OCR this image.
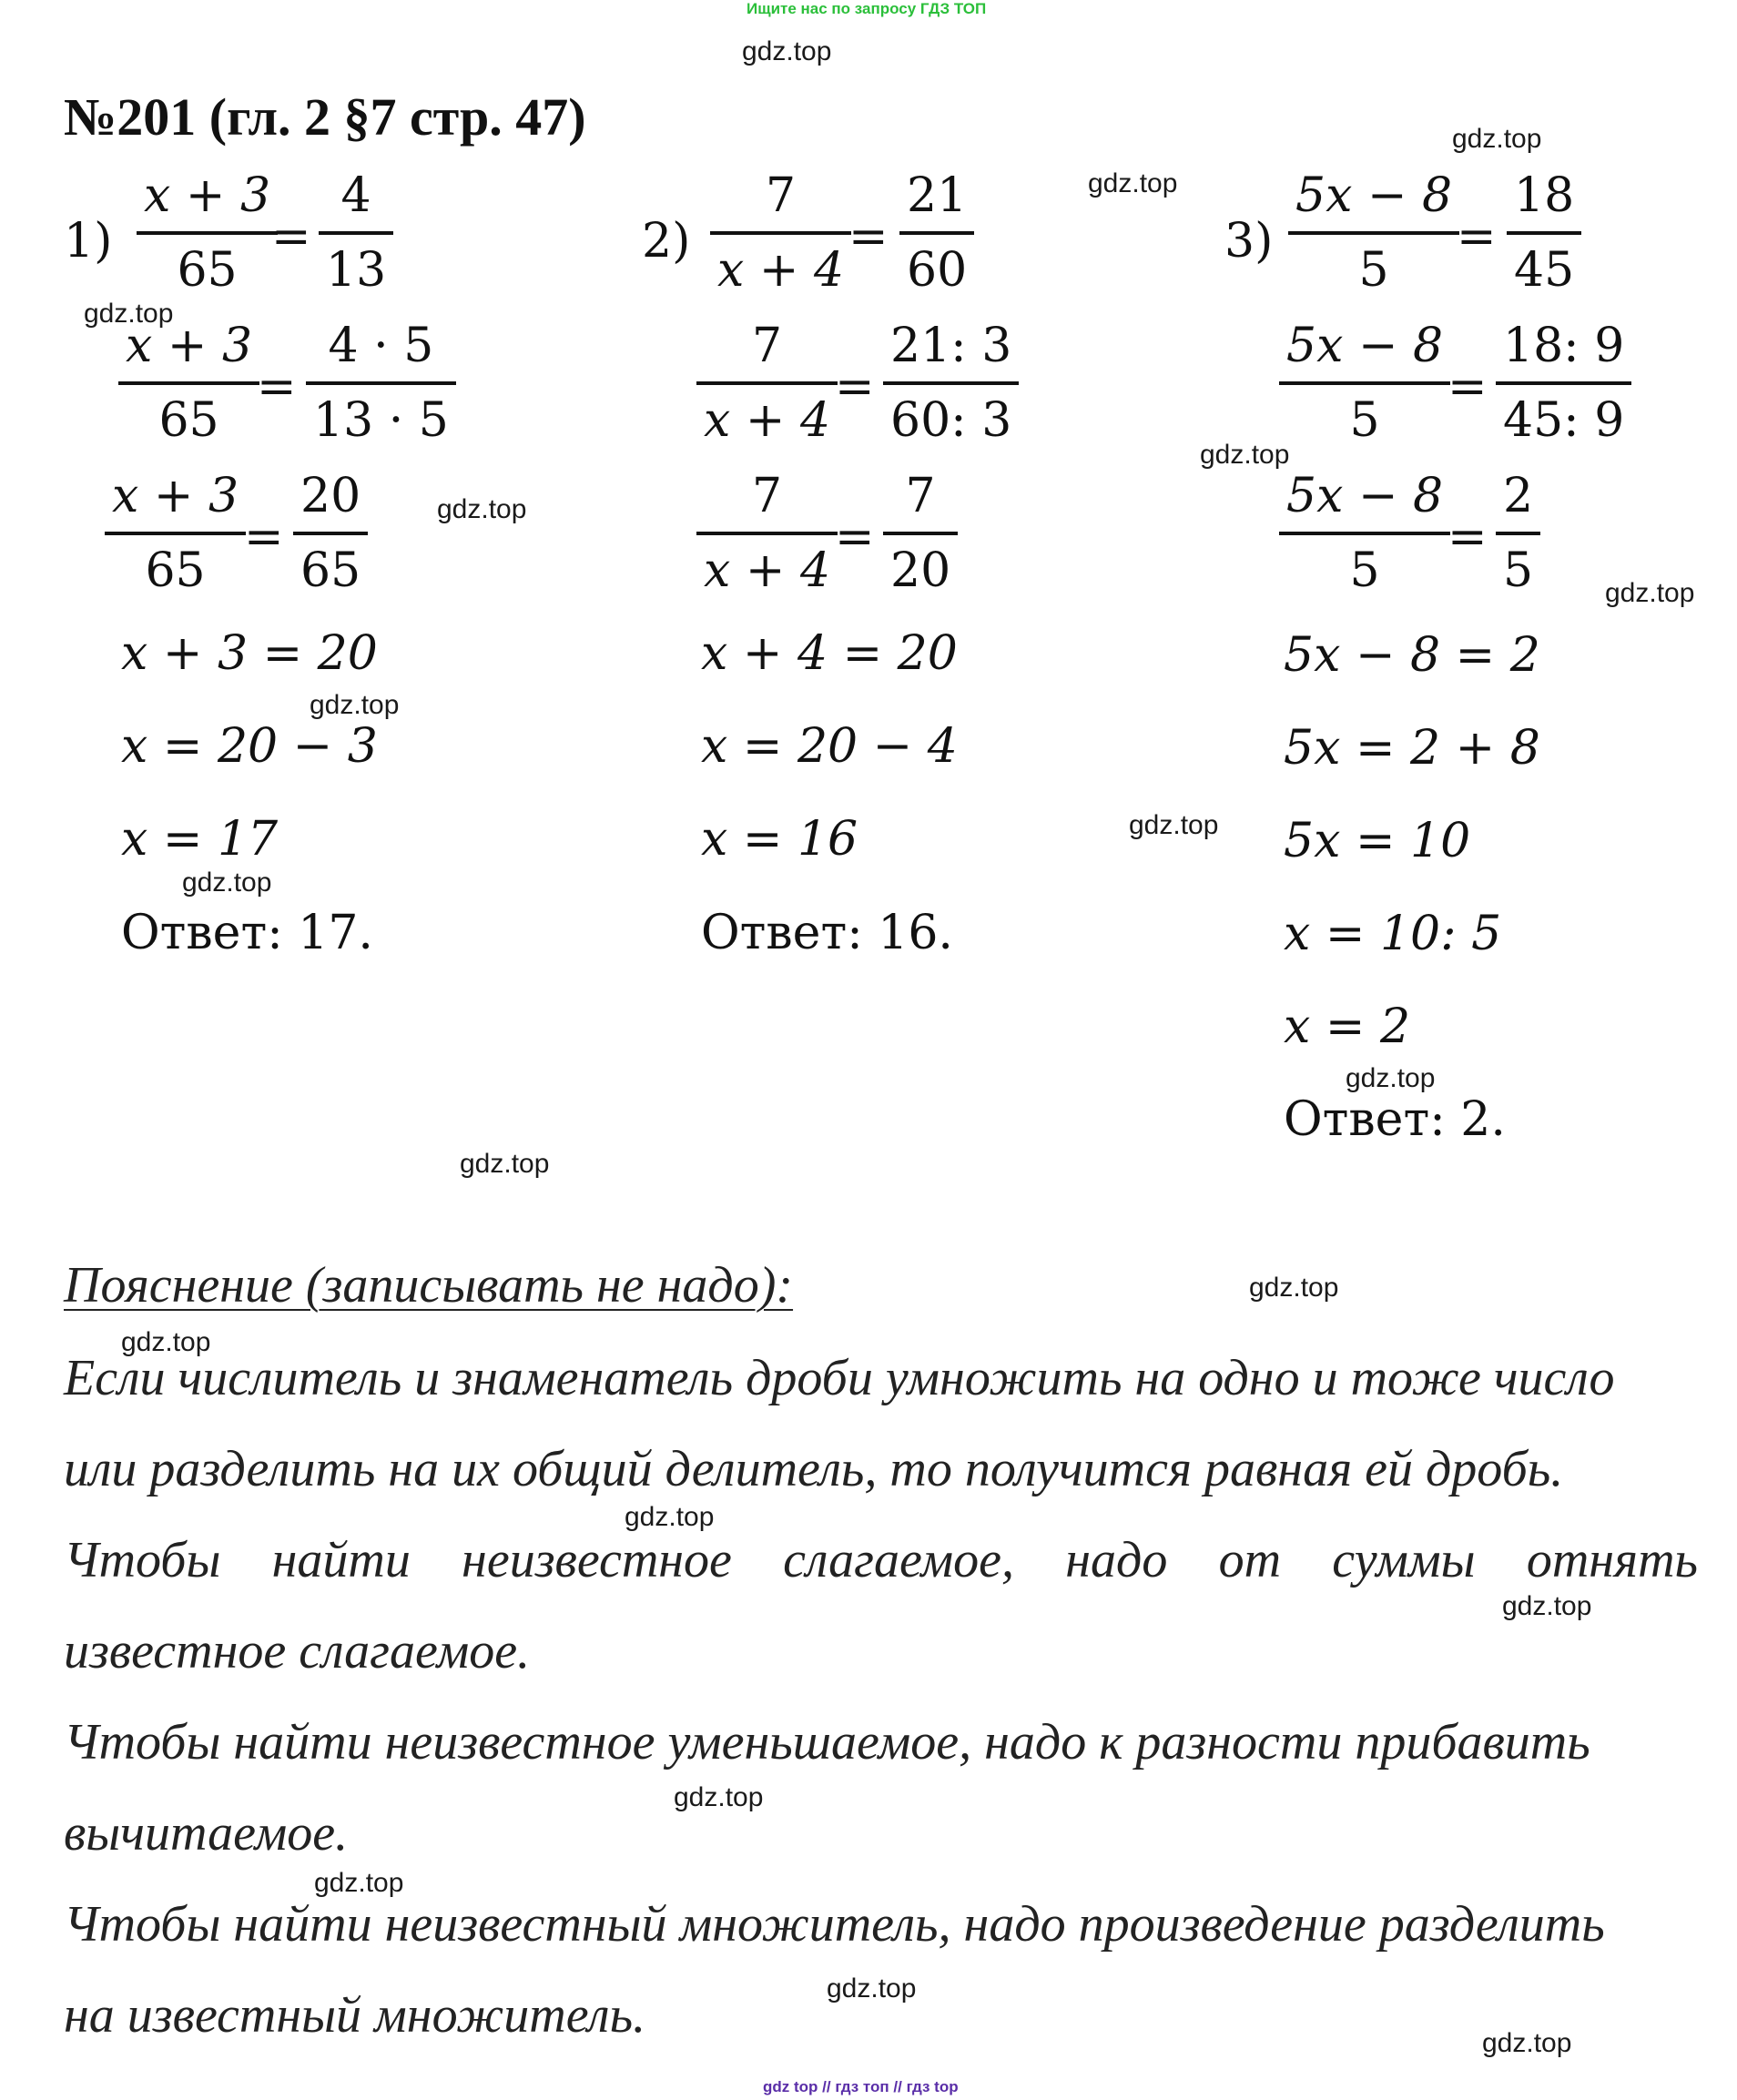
Ищите нас по запросу ГДЗ ТОП
№201 (гл. 2 §7 стр. 47)
1)
x + 3
65
=
4
13
x + 3
65
=
4 · 5
13 · 5
x + 3
65
=
20
65
x + 3 = 20
x = 20 − 3
x = 17
Ответ: 17.
2)
7
x + 4
=
21
60
7
x + 4
=
21: 3
60: 3
7
x + 4
=
7
20
x + 4 = 20
x = 20 − 4
x = 16
Ответ: 16.
3)
5x − 8
5
=
18
45
5x − 8
5
=
18: 9
45: 9
5x − 8
5
=
2
5
5x − 8 = 2
5x = 2 + 8
5x = 10
x = 10: 5
x = 2
Ответ: 2.
Пояснение (записывать не надо):
Если числитель и знаменатель дроби умножить на одно и тоже число
или разделить на их общий делитель, то получится равная ей дробь.
Чтобы найти неизвестное слагаемое, надо от суммы отнять
известное слагаемое.
Чтобы найти неизвестное уменьшаемое, надо к разности прибавить
вычитаемое.
Чтобы найти неизвестный множитель, надо произведение разделить
на известный множитель.
gdz.top
gdz.top
gdz.top
gdz.top
gdz.top
gdz.top
gdz.top
gdz.top
gdz.top
gdz.top
gdz.top
gdz.top
gdz.top
gdz.top
gdz.top
gdz.top
gdz.top
gdz.top
gdz.top
gdz.top
gdz top // гдз топ // гдз top
